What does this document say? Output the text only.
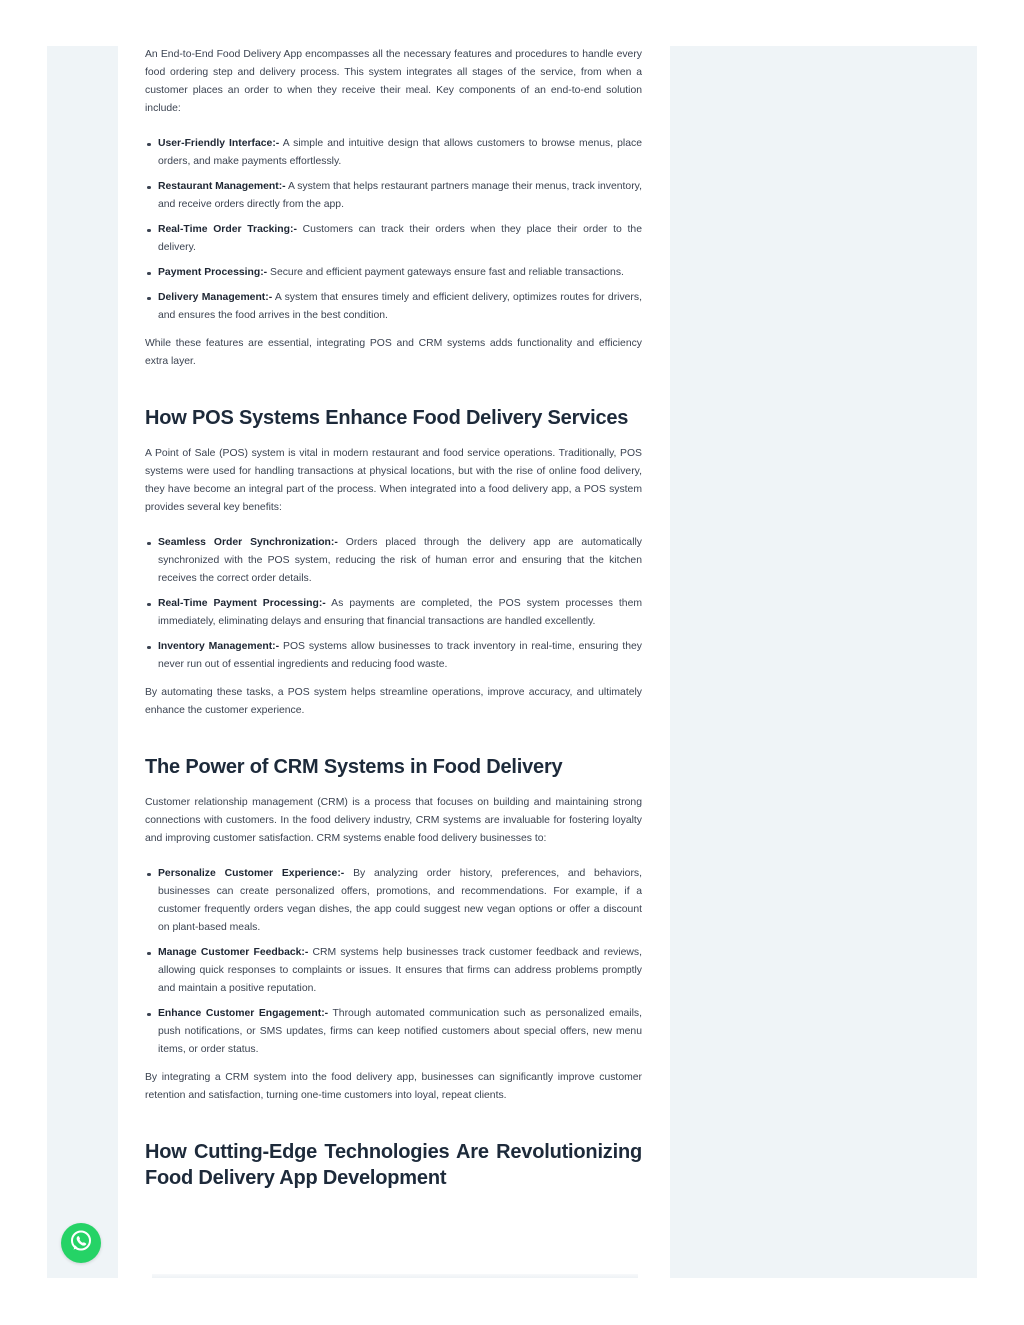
An End-to-End Food Delivery App encompasses all the necessary features and procedures to handle every food ordering step and delivery process. This system integrates all stages of the service, from when a customer places an order to when they receive their meal. Key components of an end-to-end solution include:

User-Friendly Interface:- A simple and intuitive design that allows customers to browse menus, place orders, and make payments effortlessly.
Restaurant Management:- A system that helps restaurant partners manage their menus, track inventory, and receive orders directly from the app.
Real-Time Order Tracking:- Customers can track their orders when they place their order to the delivery.
Payment Processing:- Secure and efficient payment gateways ensure fast and reliable transactions.
Delivery Management:- A system that ensures timely and efficient delivery, optimizes routes for drivers, and ensures the food arrives in the best condition.

While these features are essential, integrating POS and CRM systems adds functionality and efficiency extra layer.

How POS Systems Enhance Food Delivery Services

A Point of Sale (POS) system is vital in modern restaurant and food service operations. Traditionally, POS systems were used for handling transactions at physical locations, but with the rise of online food delivery, they have become an integral part of the process. When integrated into a food delivery app, a POS system provides several key benefits:

Seamless Order Synchronization:- Orders placed through the delivery app are automatically synchronized with the POS system, reducing the risk of human error and ensuring that the kitchen receives the correct order details.
Real-Time Payment Processing:- As payments are completed, the POS system processes them immediately, eliminating delays and ensuring that financial transactions are handled excellently.
Inventory Management:- POS systems allow businesses to track inventory in real-time, ensuring they never run out of essential ingredients and reducing food waste.

By automating these tasks, a POS system helps streamline operations, improve accuracy, and ultimately enhance the customer experience.

The Power of CRM Systems in Food Delivery

Customer relationship management (CRM) is a process that focuses on building and maintaining strong connections with customers. In the food delivery industry, CRM systems are invaluable for fostering loyalty and improving customer satisfaction. CRM systems enable food delivery businesses to:

Personalize Customer Experience:- By analyzing order history, preferences, and behaviors, businesses can create personalized offers, promotions, and recommendations. For example, if a customer frequently orders vegan dishes, the app could suggest new vegan options or offer a discount on plant-based meals.
Manage Customer Feedback:- CRM systems help businesses track customer feedback and reviews, allowing quick responses to complaints or issues. It ensures that firms can address problems promptly and maintain a positive reputation.
Enhance Customer Engagement:- Through automated communication such as personalized emails, push notifications, or SMS updates, firms can keep notified customers about special offers, new menu items, or order status.

By integrating a CRM system into the food delivery app, businesses can significantly improve customer retention and satisfaction, turning one-time customers into loyal, repeat clients.

How Cutting-Edge Technologies Are Revolutionizing Food Delivery App Development
